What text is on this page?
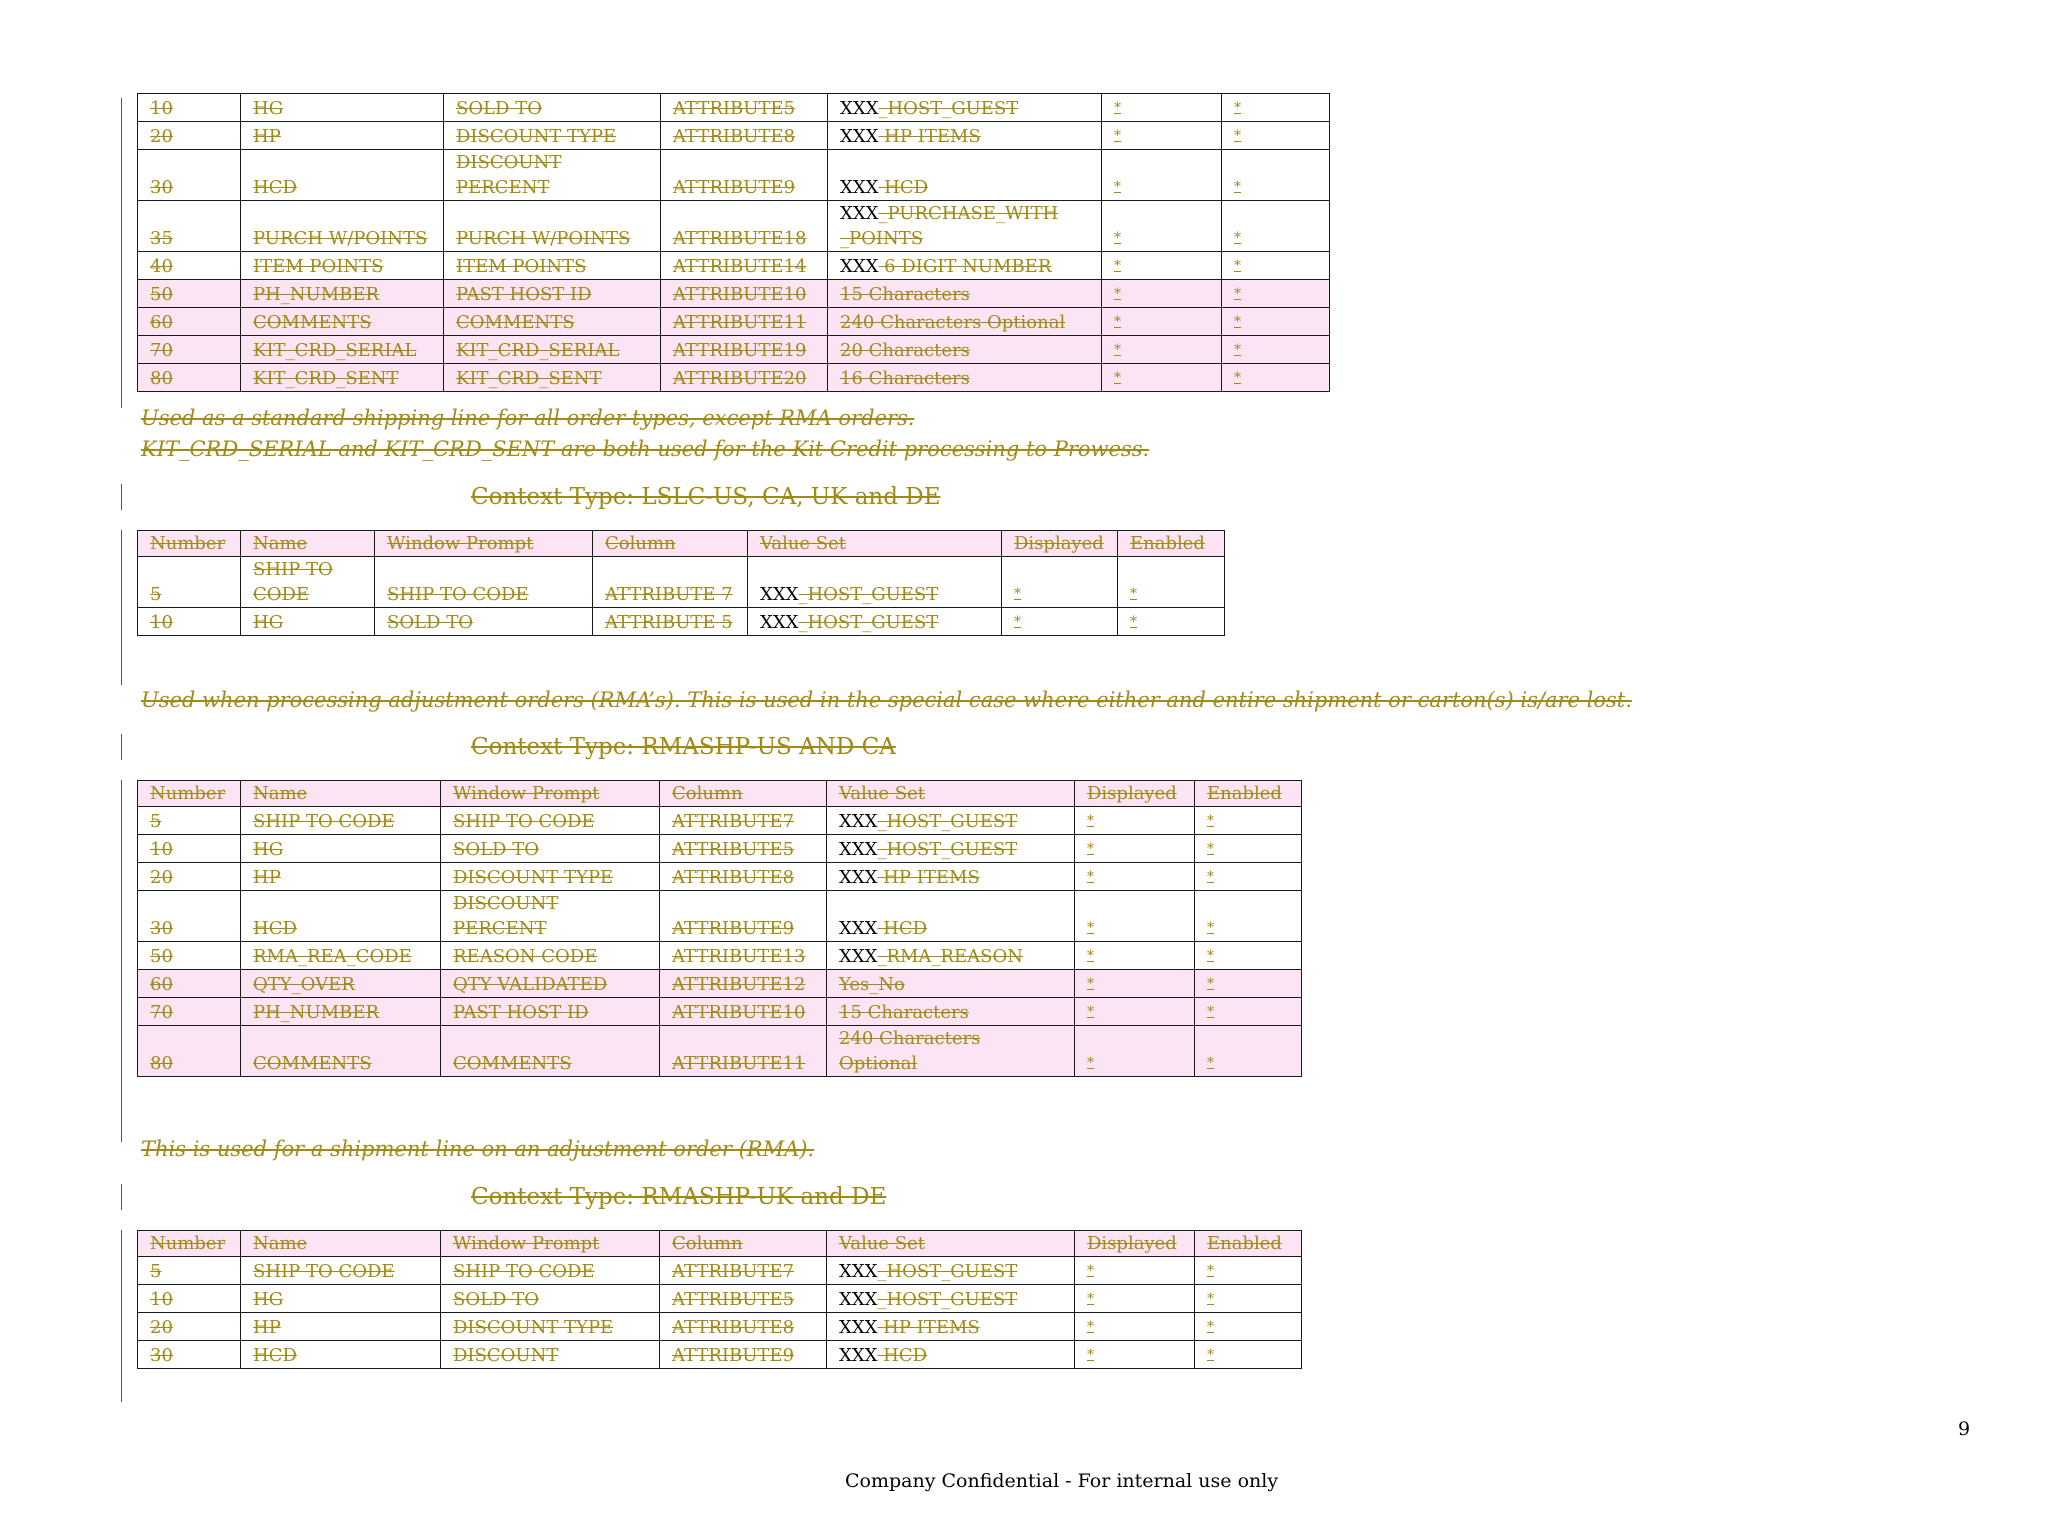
10	HG	SOLD TO	ATTRIBUTE5	XXX_HOST_GUEST	*	*
20	HP	DISCOUNT TYPE	ATTRIBUTE8	XXX HP ITEMS	*	*
30	HCD	DISCOUNT PERCENT	ATTRIBUTE9	XXX HCD	*	*
35	PURCH W/POINTS	PURCH W/POINTS	ATTRIBUTE18	XXX_PURCHASE_WITH _POINTS	*	*
40	ITEM POINTS	ITEM POINTS	ATTRIBUTE14	XXX 6 DIGIT NUMBER	*	*
50	PH_NUMBER	PAST HOST ID	ATTRIBUTE10	15 Characters	*	*
60	COMMENTS	COMMENTS	ATTRIBUTE11	240 Characters Optional	*	*
70	KIT_CRD_SERIAL	KIT_CRD_SERIAL	ATTRIBUTE19	20 Characters	*	*
80	KIT_CRD_SENT	KIT_CRD_SENT	ATTRIBUTE20	16 Characters	*	*
Used as a standard shipping line for all order types, except RMA orders.
KIT_CRD_SERIAL and KIT_CRD_SENT are both used for the Kit Credit processing to Prowess.
Context Type: LSLC-US, CA, UK and DE
Number	Name	Window Prompt	Column	Value Set	Displayed	Enabled
5	SHIP TO CODE	SHIP TO CODE	ATTRIBUTE 7	XXX_HOST_GUEST	*	*
10	HG	SOLD TO	ATTRIBUTE 5	XXX_HOST_GUEST	*	*
Used when processing adjustment orders (RMA’s). This is used in the special case where either and entire shipment or carton(s) is/are lost.
Context Type: RMASHP-US AND CA
Number	Name	Window Prompt	Column	Value Set	Displayed	Enabled
5	SHIP TO CODE	SHIP TO CODE	ATTRIBUTE7	XXX_HOST_GUEST	*	*
10	HG	SOLD TO	ATTRIBUTE5	XXX_HOST_GUEST	*	*
20	HP	DISCOUNT TYPE	ATTRIBUTE8	XXX HP ITEMS	*	*
30	HCD	DISCOUNT PERCENT	ATTRIBUTE9	XXX HCD	*	*
50	RMA_REA_CODE	REASON CODE	ATTRIBUTE13	XXX_RMA_REASON	*	*
60	QTY_OVER	QTY VALIDATED	ATTRIBUTE12	Yes_No	*	*
70	PH_NUMBER	PAST HOST ID	ATTRIBUTE10	15 Characters	*	*
80	COMMENTS	COMMENTS	ATTRIBUTE11	240 Characters Optional	*	*
This is used for a shipment line on an adjustment order (RMA).
Context Type: RMASHP-UK and DE
Number	Name	Window Prompt	Column	Value Set	Displayed	Enabled
5	SHIP TO CODE	SHIP TO CODE	ATTRIBUTE7	XXX_HOST_GUEST	*	*
10	HG	SOLD TO	ATTRIBUTE5	XXX_HOST_GUEST	*	*
20	HP	DISCOUNT TYPE	ATTRIBUTE8	XXX HP ITEMS	*	*
30	HCD	DISCOUNT	ATTRIBUTE9	XXX HCD	*	*
9
Company Confidential - For internal use only
